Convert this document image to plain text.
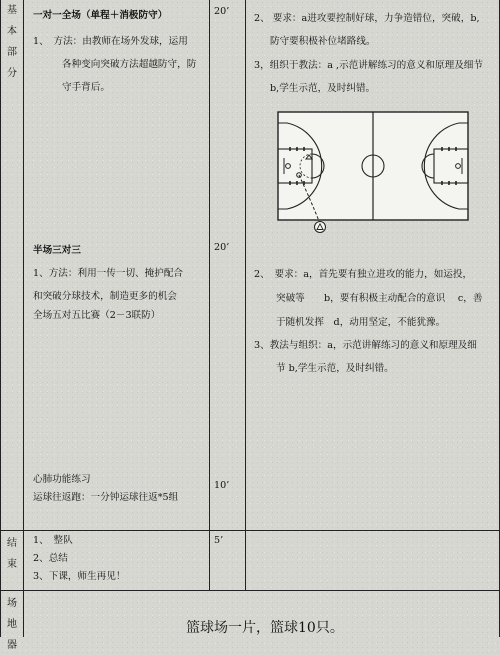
基本部分
结束
场地器
一对一全场（单程＋消极防守）
1、　方法：由教师在场外发球，运用
各种变向突破方法超越防守，防
守手背后。
20’
2、 要求：a进攻要控制好球，力争造错位，突破，b,
防守要积极补位堵路线。
3，组织于教法：a ,示范讲解练习的意义和原理及细节
b,学生示范，及时纠错。
半场三对三
1、方法：利用一传一切、掩护配合
和突破分球技术，制造更多的机会
全场五对五比赛（2－3联防）
20’
2、　要求：a，首先要有独立进攻的能力，如运投，
突破等　　b，要有积极主动配合的意识　 c，善
于随机发挥　d，动用坚定，不能犹豫。
3、教法与组织：a，示范讲解练习的意义和原理及细
节 b,学生示范，及时纠错。
心肺功能练习
运球往返跑：一分钟运球往返*5组
10’
1、　整队
2、总结
3、下课，师生再见！
5’
篮球场一片，篮球10只。
